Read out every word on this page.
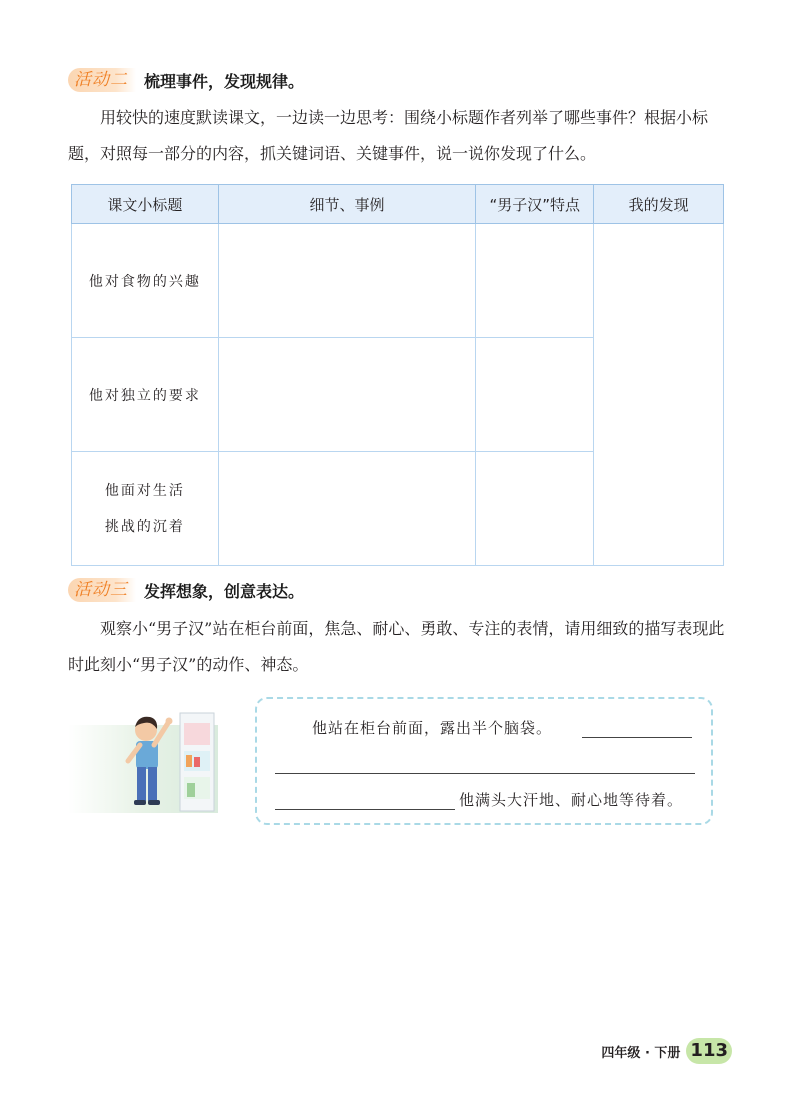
活动二	梳理事件，发现规律。

用较快的速度默读课文，一边读一边思考：围绕小标题作者列举了哪些事件？根据小标题，对照每一部分的内容，抓关键词语、关键事件，说一说你发现了什么。

课文小标题	细节、事例	“男子汉”特点	我的发现
他对食物的兴趣			
他对独立的要求			

他面对生活
挑战的沉着			

活动三	发挥想象，创意表达。

观察小“男子汉”站在柜台前面，焦急、耐心、勇敢、专注的表情，请用细致的描写表现此时此刻小“男子汉”的动作、神态。

他站在柜台前面，露出半个脑袋。
他满头大汗地、耐心地等待着。
四年级 · 下册 113
